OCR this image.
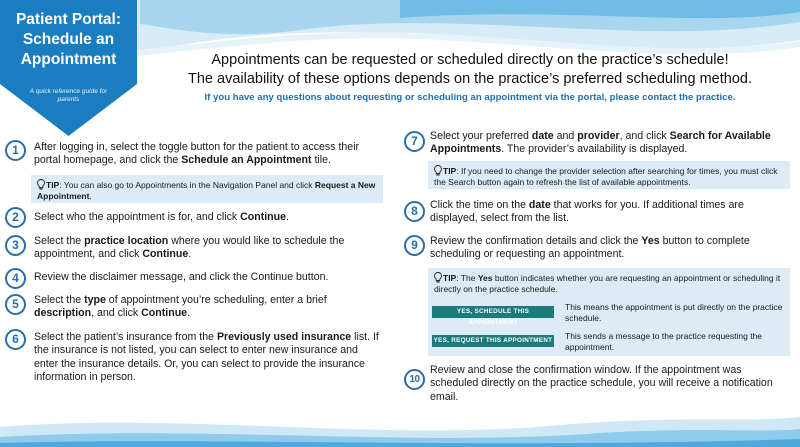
Patient Portal:
Schedule an
Appointment
A quick reference guide for parents
Appointments can be requested or scheduled directly on the practice’s schedule!
The availability of these options depends on the practice’s preferred scheduling method.
If you have any questions about requesting or scheduling an appointment via the portal, please contact the practice.
1	After logging in, select the toggle button for the patient to access their portal homepage, and click the Schedule an Appointment tile.
TIP: You can also go to Appointments in the Navigation Panel and click Request a New Appointment.
2	Select who the appointment is for, and click Continue.
3	Select the practice location where you would like to schedule the appointment, and click Continue.
4	Review the disclaimer message, and click the Continue button.
5	Select the type of appointment you’re scheduling, enter a brief description, and click Continue.
6	Select the patient’s insurance from the Previously used insurance list. If the insurance is not listed, you can select to enter new insurance and enter the insurance details. Or, you can select to provide the insurance information in person.
7	Select your preferred date and provider, and click Search for Available Appointments. The provider’s availability is displayed.
TIP: If you need to change the provider selection after searching for times, you must click the Search button again to refresh the list of available appointments.
8	Click the time on the date that works for you. If additional times are displayed, select from the list.
9	Review the confirmation details and click the Yes button to complete scheduling or requesting an appointment.
TIP: The Yes button indicates whether you are requesting an appointment or scheduling it directly on the practice schedule.
YES, SCHEDULE THIS APPOINTMENT
This means the appointment is put directly on the practice schedule.
YES, REQUEST THIS APPOINTMENT This sends a message to the practice requesting the appointment.
10
Review and close the confirmation window. If the appointment was scheduled directly on the practice schedule, you will receive a notification email.
